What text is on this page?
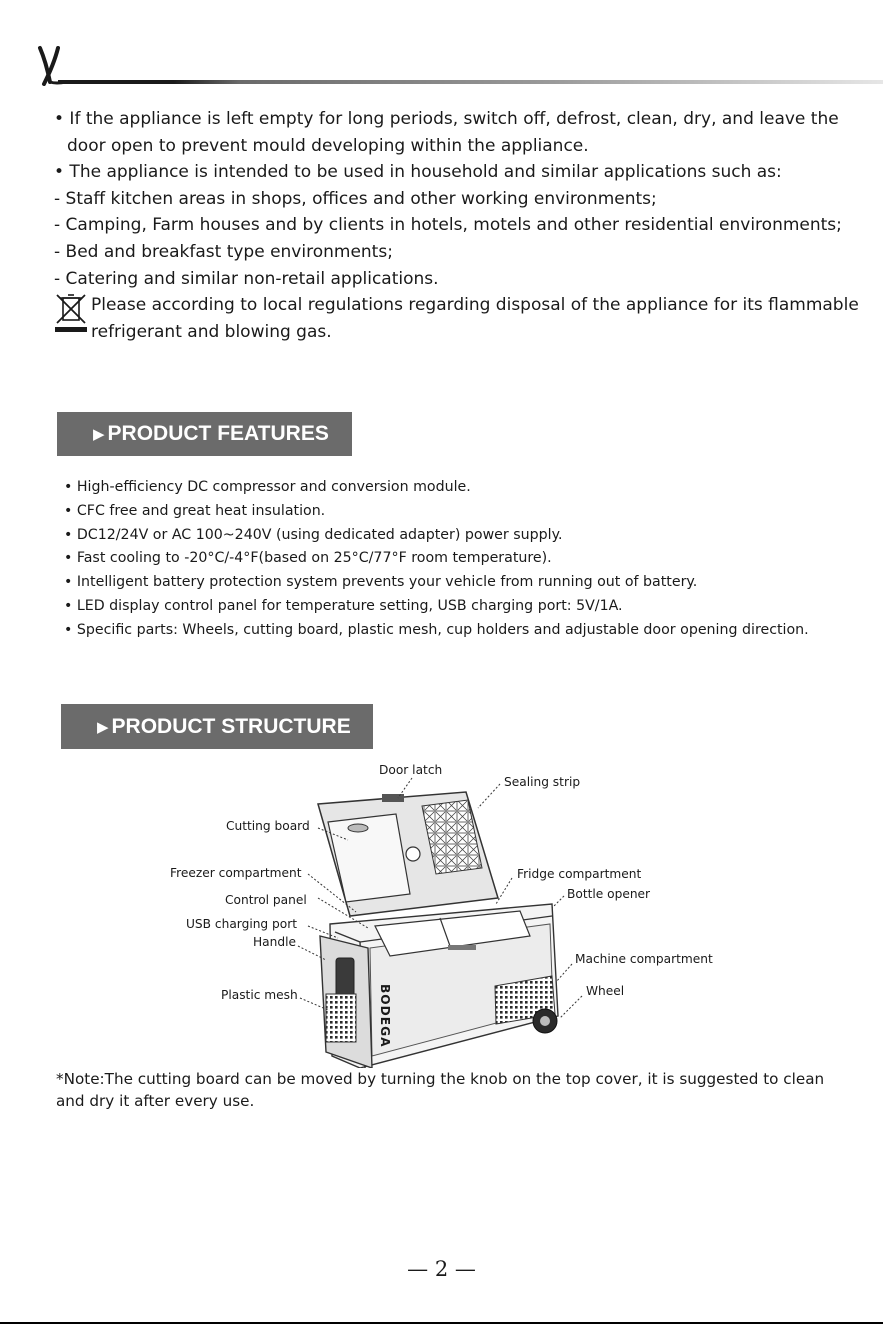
• If the appliance is left empty for long periods, switch off, defrost, clean, dry, and leave the

door open to prevent mould developing within the appliance.

• The appliance is intended to be used in household and similar applications such as:

- Staff kitchen areas in shops, offices and other working environments;

- Camping, Farm houses and by clients in hotels, motels and other residential environments;

- Bed and breakfast type environments;

- Catering and similar non-retail applications.

Please according to local regulations regarding disposal of the appliance for its flammable

refrigerant and blowing gas.

▶ PRODUCT FEATURES
• High-efficiency DC compressor and conversion module.
• CFC free and great heat insulation.
• DC12/24V or AC 100~240V (using dedicated adapter) power supply.
• Fast cooling to -20°C/-4°F(based on 25°C/77°F room temperature).
• Intelligent battery protection system prevents your vehicle from running out of battery.
• LED display control panel for temperature setting, USB charging port: 5V/1A.
• Specific parts: Wheels, cutting board, plastic mesh, cup holders and adjustable door opening direction.
▶ PRODUCT STRUCTURE
BODEGA
Door latch
Sealing strip
Cutting board
Freezer compartment	Fridge compartment
Bottle opener
Control panel
USB charging port
Handle
Machine compartment
Plastic mesh	Wheel

*Note:The cutting board can be moved by turning the knob on the top cover, it is suggested to clean

and dry it after every use.

— 2 —
